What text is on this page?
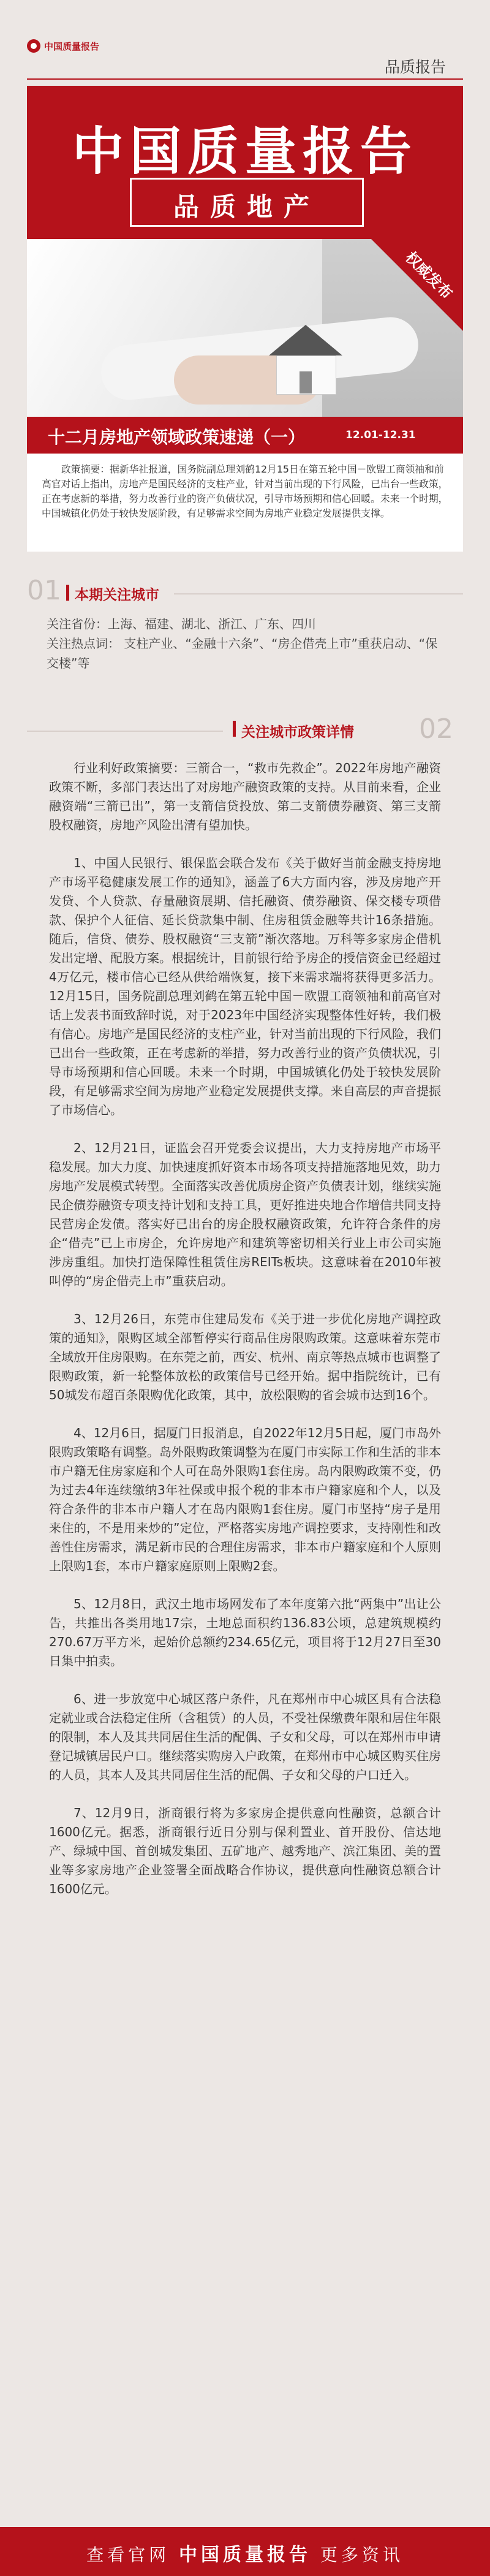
中国质量报告
品质报告
中国质量报告
品质地产
权威发布
十二月房地产领域政策速递（一）	12.01-12.31
政策摘要：据新华社报道，国务院副总理刘鹤12月15日在第五轮中国－欧盟工商领袖和前高官对话上指出，房地产是国民经济的支柱产业，针对当前出现的下行风险，已出台一些政策，正在考虑新的举措，努力改善行业的资产负债状况，引导市场预期和信心回暖。未来一个时期，中国城镇化仍处于较快发展阶段，有足够需求空间为房地产业稳定发展提供支撑。
01 本期关注城市
关注省份：上海、福建、湖北、浙江、广东、四川
关注热点词： 支柱产业、“金融十六条”、“房企借壳上市”重获启动、“保交楼”等
关注城市政策详情 02

行业利好政策摘要：三箭合一，“救市先救企”。2022年房地产融资政策不断，多部门表达出了对房地产融资政策的支持。从目前来看，企业融资端“三箭已出”，第一支箭信贷投放、第二支箭债券融资、第三支箭股权融资，房地产风险出清有望加快。

1、中国人民银行、银保监会联合发布《关于做好当前金融支持房地产市场平稳健康发展工作的通知》，涵盖了6大方面内容，涉及房地产开发贷、个人贷款、存量融资展期、信托融资、债券融资、保交楼专项借款、保护个人征信、延长贷款集中制、住房租赁金融等共计16条措施。随后，信贷、债券、股权融资“三支箭”渐次落地。万科等多家房企借机发出定增、配股方案。根据统计，目前银行给予房企的授信资金已经超过4万亿元，楼市信心已经从供给端恢复，接下来需求端将获得更多活力。12月15日，国务院副总理刘鹤在第五轮中国－欧盟工商领袖和前高官对话上发表书面致辞时说，对于2023年中国经济实现整体性好转，我们极有信心。房地产是国民经济的支柱产业，针对当前出现的下行风险，我们已出台一些政策，正在考虑新的举措，努力改善行业的资产负债状况，引导市场预期和信心回暖。未来一个时期，中国城镇化仍处于较快发展阶段，有足够需求空间为房地产业稳定发展提供支撑。来自高层的声音提振了市场信心。

2、12月21日，证监会召开党委会议提出，大力支持房地产市场平稳发展。加大力度、加快速度抓好资本市场各项支持措施落地见效，助力房地产发展模式转型。全面落实改善优质房企资产负债表计划，继续实施民企债券融资专项支持计划和支持工具，更好推进央地合作增信共同支持民营房企发债。落实好已出台的房企股权融资政策，允许符合条件的房企“借壳”已上市房企，允许房地产和建筑等密切相关行业上市公司实施涉房重组。加快打造保障性租赁住房REITs板块。这意味着在2010年被叫停的“房企借壳上市”重获启动。

3、12月26日，东莞市住建局发布《关于进一步优化房地产调控政策的通知》，限购区域全部暂停实行商品住房限购政策。这意味着东莞市全域放开住房限购。在东莞之前，西安、杭州、南京等热点城市也调整了限购政策，新一轮整体放松的政策信号已经开始。据中指院统计，已有50城发布超百条限购优化政策，其中，放松限购的省会城市达到16个。

4、12月6日，据厦门日报消息，自2022年12月5日起，厦门市岛外限购政策略有调整。岛外限购政策调整为在厦门市实际工作和生活的非本市户籍无住房家庭和个人可在岛外限购1套住房。岛内限购政策不变，仍为过去4年连续缴纳3年社保或申报个税的非本市户籍家庭和个人，以及符合条件的非本市户籍人才在岛内限购1套住房。厦门市坚持“房子是用来住的，不是用来炒的”定位，严格落实房地产调控要求，支持刚性和改善性住房需求，满足新市民的合理住房需求，非本市户籍家庭和个人原则上限购1套，本市户籍家庭原则上限购2套。

5、12月8日，武汉土地市场网发布了本年度第六批“两集中”出让公告，共推出各类用地17宗，土地总面积约136.83公顷，总建筑规模约270.67万平方米，起始价总额约234.65亿元，项目将于12月27日至30日集中拍卖。

6、进一步放宽中心城区落户条件，凡在郑州市中心城区具有合法稳定就业或合法稳定住所（含租赁）的人员，不受社保缴费年限和居住年限的限制，本人及其共同居住生活的配偶、子女和父母，可以在郑州市申请登记城镇居民户口。继续落实购房入户政策，在郑州市中心城区购买住房的人员，其本人及其共同居住生活的配偶、子女和父母的户口迁入。

7、12月9日，浙商银行将为多家房企提供意向性融资，总额合计1600亿元。据悉，浙商银行近日分别与保利置业、首开股份、信达地产、绿城中国、首创城发集团、五矿地产、越秀地产、滨江集团、美的置业等多家房地产企业签署全面战略合作协议，提供意向性融资总额合计1600亿元。

查看官网 中国质量报告 更多资讯
